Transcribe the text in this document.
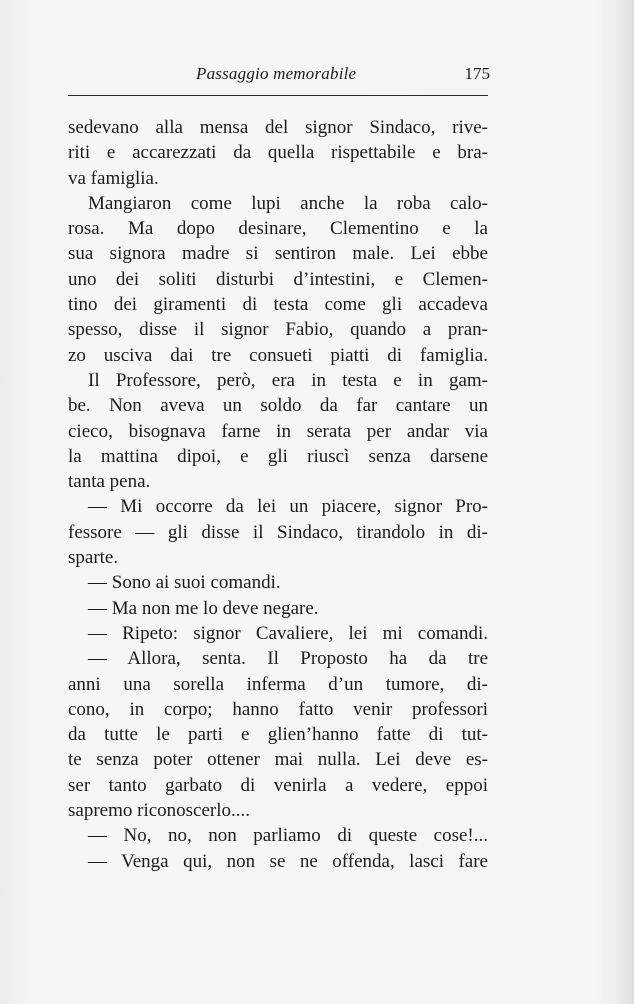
Passaggio memorabile	175
sedevano alla mensa del signor Sindaco, rive-
riti e accarezzati da quella rispettabile e bra-
va famiglia.
Mangiaron come lupi anche la roba calo-
rosa. Ma dopo desinare, Clementino e la
sua signora madre si sentiron male. Lei ebbe
uno dei soliti disturbi d’intestini, e Clemen-
tino dei giramenti di testa come gli accadeva
spesso, disse il signor Fabio, quando a pran-
zo usciva dai tre consueti piatti di famiglia.
Il Professore, però, era in testa e in gam-
be. Non aveva un soldo da far cantare un
cieco, bisognava farne in serata per andar via
la mattina dipoi, e gli riuscì senza darsene
tanta pena.
— Mi occorre da lei un piacere, signor Pro-
fessore — gli disse il Sindaco, tirandolo in di-
sparte.
— Sono ai suoi comandi.
— Ma non me lo deve negare.
— Ripeto: signor Cavaliere, lei mi comandi.
— Allora, senta. Il Proposto ha da tre
anni una sorella inferma d’un tumore, di-
cono, in corpo; hanno fatto venir professori
da tutte le parti e glien’hanno fatte di tut-
te senza poter ottener mai nulla. Lei deve es-
ser tanto garbato di venirla a vedere, eppoi
sapremo riconoscerlo....
— No, no, non parliamo di queste cose!...
— Venga qui, non se ne offenda, lasci fare
